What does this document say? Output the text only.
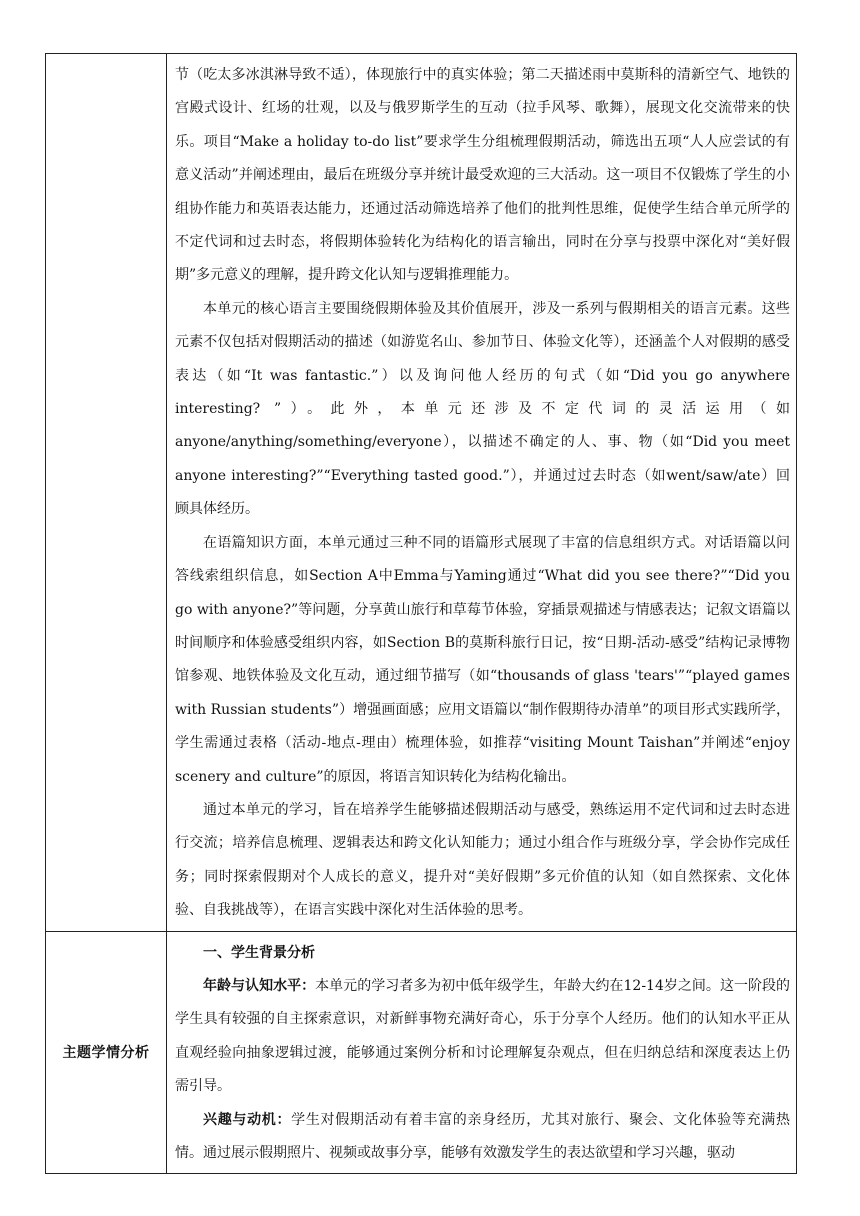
	节（吃太多冰淇淋导致不适），体现旅行中的真实体验；第二天描述雨中莫斯科的清新空气、地铁的宫殿式设计、红场的壮观，以及与俄罗斯学生的互动（拉手风琴、歌舞），展现文化交流带来的快乐。项目“Make a holiday to-do list”要求学生分组梳理假期活动，筛选出五项“人人应尝试的有意义活动”并阐述理由，最后在班级分享并统计最受欢迎的三大活动。这一项目不仅锻炼了学生的小组协作能力和英语表达能力，还通过活动筛选培养了他们的批判性思维，促使学生结合单元所学的不定代词和过去时态，将假期体验转化为结构化的语言输出，同时在分享与投票中深化对“美好假期”多元意义的理解，提升跨文化认知与逻辑推理能力。

本单元的核心语言主要围绕假期体验及其价值展开，涉及一系列与假期相关的语言元素。这些元素不仅包括对假期活动的描述（如游览名山、参加节日、体验文化等），还涵盖个人对假期的感受表达（如“It was fantastic.”）以及询问他人经历的句式（如“Did you go anywhere interesting? ”）。此外，本单元还涉及不定代词的灵活运用（如anyone/anything/something/everyone），以描述不确定的人、事、物（如“Did you meet anyone interesting?”“Everything tasted good.”），并通过过去时态（如went/saw/ate）回顾具体经历。

在语篇知识方面，本单元通过三种不同的语篇形式展现了丰富的信息组织方式。对话语篇以问答线索组织信息，如Section A中Emma与Yaming通过“What did you see there?”“Did you go with anyone?”等问题，分享黄山旅行和草莓节体验，穿插景观描述与情感表达；记叙文语篇以时间顺序和体验感受组织内容，如Section B的莫斯科旅行日记，按“日期-活动-感受”结构记录博物馆参观、地铁体验及文化互动，通过细节描写（如“thousands of glass 'tears'”“played games with Russian students”）增强画面感；应用文语篇以“制作假期待办清单”的项目形式实践所学，学生需通过表格（活动-地点-理由）梳理体验，如推荐“visiting Mount Taishan”并阐述“enjoy scenery and culture”的原因，将语言知识转化为结构化输出。

通过本单元的学习，旨在培养学生能够描述假期活动与感受，熟练运用不定代词和过去时态进行交流；培养信息梳理、逻辑表达和跨文化认知能力；通过小组合作与班级分享，学会协作完成任务；同时探索假期对个人成长的意义，提升对“美好假期”多元价值的认知（如自然探索、文化体验、自我挑战等），在语言实践中深化对生活体验的思考。

主题学情分析	一、学生背景分析

年龄与认知水平：本单元的学习者多为初中低年级学生，年龄大约在12-14岁之间。这一阶段的学生具有较强的自主探索意识，对新鲜事物充满好奇心，乐于分享个人经历。他们的认知水平正从直观经验向抽象逻辑过渡，能够通过案例分析和讨论理解复杂观点，但在归纳总结和深度表达上仍需引导。

兴趣与动机：学生对假期活动有着丰富的亲身经历，尤其对旅行、聚会、文化体验等充满热情。通过展示假期照片、视频或故事分享，能够有效激发学生的表达欲望和学习兴趣，驱动
